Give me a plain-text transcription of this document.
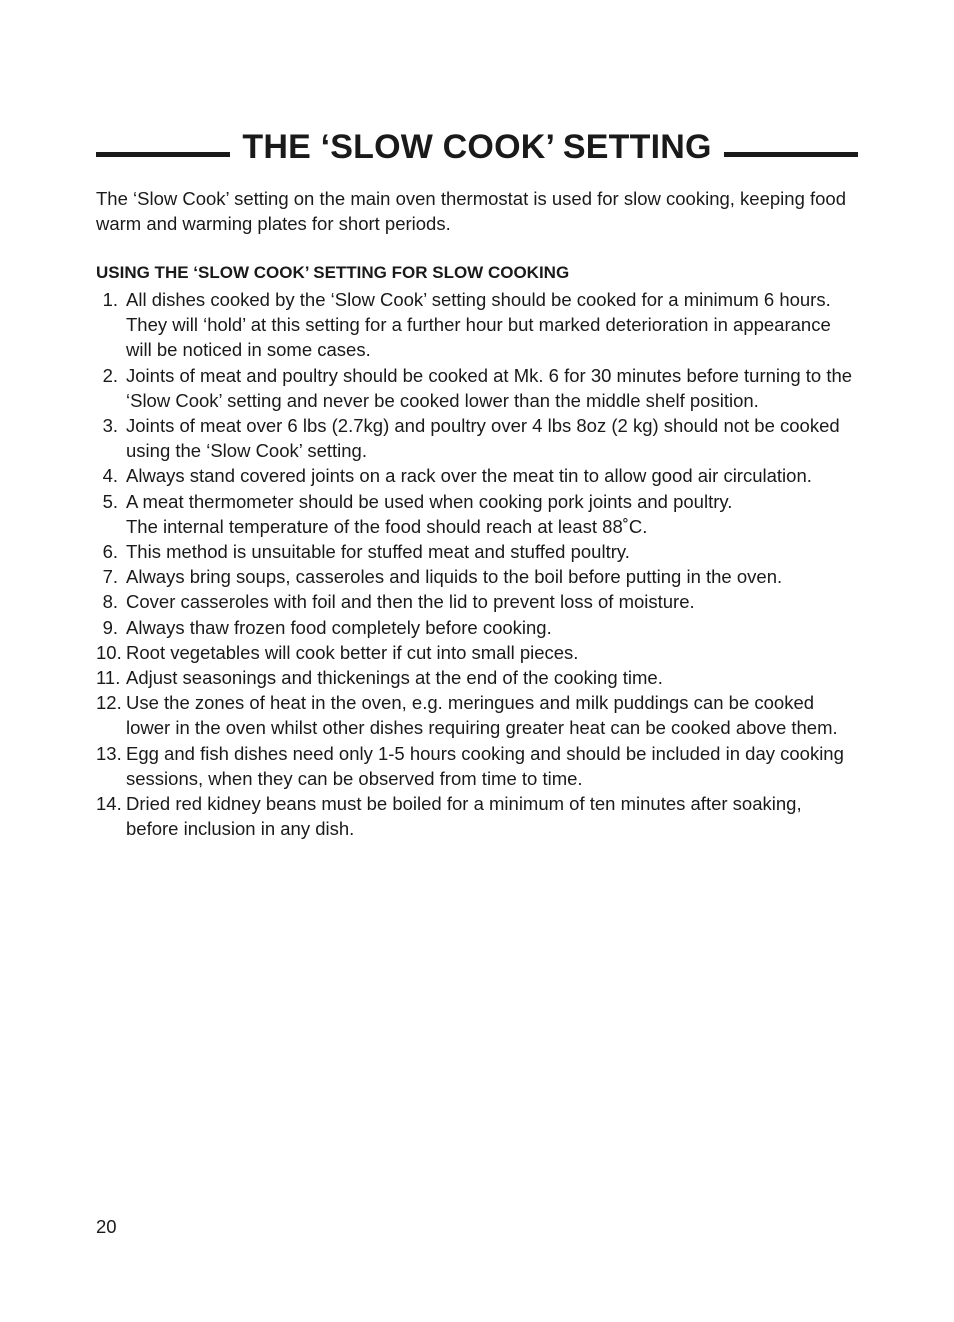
THE ‘SLOW COOK’ SETTING

The ‘Slow Cook’ setting on the main oven thermostat is used for slow cooking, keeping food warm and warming plates for short periods.

USING THE ‘SLOW COOK’ SETTING FOR SLOW COOKING
1. All dishes cooked by the ‘Slow Cook’ setting should be cooked for a minimum 6 hours. They will ‘hold’ at this setting for a further hour but marked deterioration in appearance will be noticed in some cases.
2. Joints of meat and poultry should be cooked at Mk. 6 for 30 minutes before turning to the ‘Slow Cook’ setting and never be cooked lower than the middle shelf position.
3. Joints of meat over 6 lbs (2.7kg) and poultry over 4 lbs 8oz (2 kg) should not be cooked using the ‘Slow Cook’ setting.
4. Always stand covered joints on a rack over the meat tin to allow good air circulation.
5. A meat thermometer should be used when cooking pork joints and poultry.
The internal temperature of the food should reach at least 88˚C.
6. This method is unsuitable for stuffed meat and stuffed poultry.
7. Always bring soups, casseroles and liquids to the boil before putting in the oven.
8. Cover casseroles with foil and then the lid to prevent loss of moisture.
9. Always thaw frozen food completely before cooking.
10. Root vegetables will cook better if cut into small pieces.
11. Adjust seasonings and thickenings at the end of the cooking time.
12. Use the zones of heat in the oven, e.g. meringues and milk puddings can be cooked lower in the oven whilst other dishes requiring greater heat can be cooked above them.
13. Egg and fish dishes need only 1-5 hours cooking and should be included in day cooking sessions, when they can be observed from time to time.
14. Dried red kidney beans must be boiled for a minimum of ten minutes after soaking, before inclusion in any dish.
20
